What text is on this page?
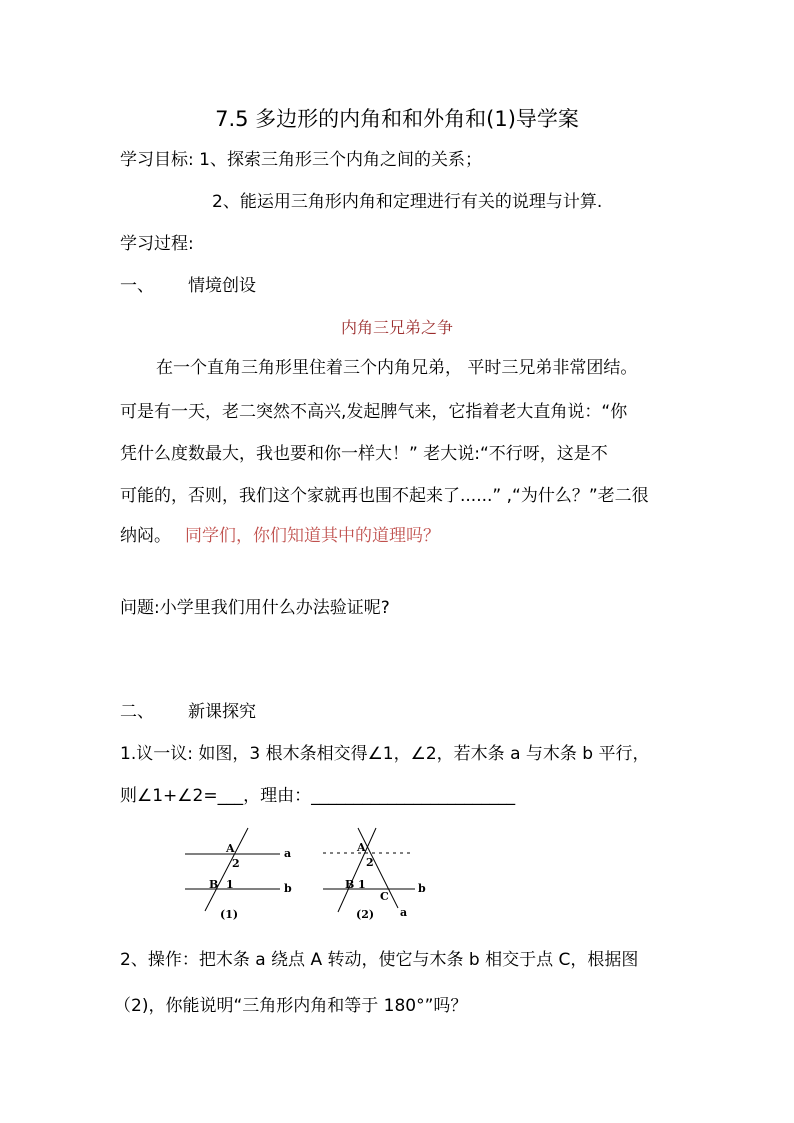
7.5 多边形的内角和和外角和(1)导学案
学习目标: 1、探索三角形三个内角之间的关系；
2、能运用三角形内角和定理进行有关的说理与计算.
学习过程:
一、 情境创设
内角三兄弟之争
在一个直角三角形里住着三个内角兄弟， 平时三兄弟非常团结。
可是有一天，老二突然不高兴,发起脾气来，它指着老大直角说：“你
凭什么度数最大，我也要和你一样大！” 老大说:“不行呀，这是不
可能的，否则，我们这个家就再也围不起来了......” ,“为什么？”老二很
纳闷。 同学们，你们知道其中的道理吗？
问题:小学里我们用什么办法验证呢?
二、 新课探究
1.议一议: 如图，3 根木条相交得∠1，∠2，若木条 a 与木条 b 平行，
则∠1+∠2=___，理由：________________________
A
2
a
B 1	b
(1)
A
2
B 1
C
b
a
(2)
2、操作：把木条 a 绕点 A 转动，使它与木条 b 相交于点 C，根据图
（2)，你能说明“三角形内角和等于 180°”吗？
